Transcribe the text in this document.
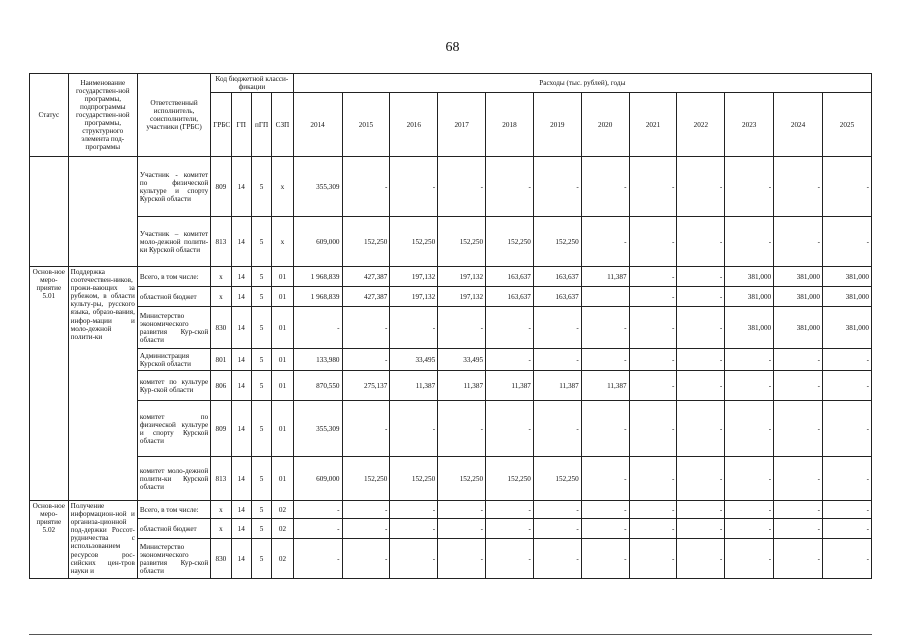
68
Статус	Наименование государствен-ной программы, подпрограммы государствен-ной программы, структурного элемента под-программы	Ответственный исполнитель, соисполнители, участники (ГРБС)	Код бюджетной класси-фикации				Расходы (тыс. рублей), годы											
			ГРБС	ГП	пГП	СЗП	2014	2015	2016	2017	2018	2019	2020	2021	2022	2023	2024	2025
		Участник - комитет по физической культуре и спорту Курской области	809	14	5	х	355,309	-	-	-	-	-	-	-	-	-	-	-
		Участник – комитет моло-дежной полити-ки Курской области	813	14	5	х	609,000	152,250	152,250	152,250	152,250	152,250	-	-	-	-	-	-
Основ-ное меро-приятие 5.01	Поддержка соотечествен-ников, прожи-вающих за рубежом, в области культу-ры, русского языка, образо-вания, инфор-мации и моло-дежной полити-ки	Всего, в том числе:	х	14	5	01	1 968,839	427,387	197,132	197,132	163,637	163,637	11,387	-	-	381,000	381,000	381,000
		областной бюджет	х	14	5	01	1 968,839	427,387	197,132	197,132	163,637	163,637		-	-	381,000	381,000	381,000
		Министерство экономического развития Кур-ской области	830	14	5	01	-	-	-	-	-	-	-	-	-	381,000	381,000	381,000
		Администрация Курской области	801	14	5	01	133,980	-	33,495	33,495	-	-	-	-	-	-	-	-
		комитет по культуре Кур-ской области	806	14	5	01	870,550	275,137	11,387	11,387	11,387	11,387	11,387	-	-	-	-	-
		комитет по физической культуре и спорту Курской области	809	14	5	01	355,309	-	-	-	-	-	-	-	-	-	-	-
		комитет моло-дежной полити-ки Курской области	813	14	5	01	609,000	152,250	152,250	152,250	152,250	152,250	-	-	-	-	-	-
Основ-ное меро-приятие 5.02	Получение информацион-ной и организа-ционной под-держки Россот-рудничества с использованием ресурсов рос-сийских цен-тров науки и	Всего, в том числе:	х	14	5	02	-	-	-	-	-	-	-	-	-	-	-	-
		областной бюджет	х	14	5	02	-	-	-	-	-	-	-	-	-	-	-	-
		Министерство экономического развития Кур-ской области	830	14	5	02	-	-	-	-	-	-	-	-	-	-	-	-
